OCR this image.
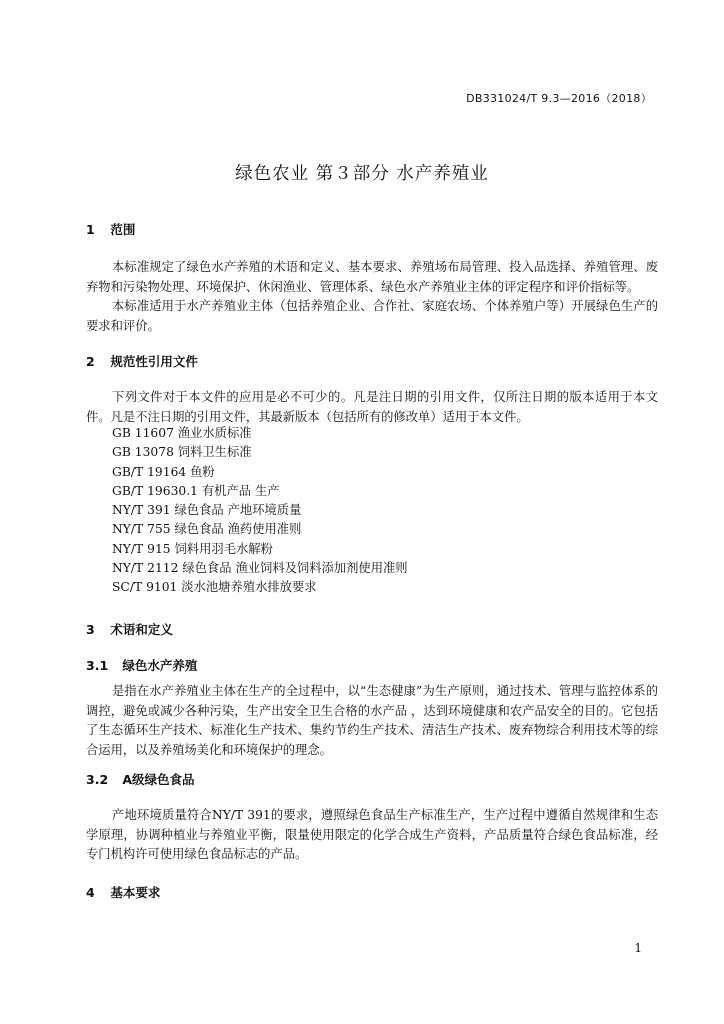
DB331024/T 9.3—2016（2018）
绿色农业 第３部分 水产养殖业
1 范围
本标准规定了绿色水产养殖的术语和定义、基本要求、养殖场布局管理、投入品选择、养殖管理、废弃物和污染物处理、环境保护、休闲渔业、管理体系、绿色水产养殖业主体的评定程序和评价指标等。
本标准适用于水产养殖业主体（包括养殖企业、合作社、家庭农场、个体养殖户等）开展绿色生产的要求和评价。
2 规范性引用文件
下列文件对于本文件的应用是必不可少的。凡是注日期的引用文件，仅所注日期的版本适用于本文件。凡是不注日期的引用文件，其最新版本（包括所有的修改单）适用于本文件。
GB 11607 渔业水质标准
GB 13078 饲料卫生标准
GB/T 19164 鱼粉
GB/T 19630.1 有机产品 生产
NY/T 391 绿色食品 产地环境质量
NY/T 755 绿色食品 渔药使用准则
NY/T 915 饲料用羽毛水解粉
NY/T 2112 绿色食品 渔业饲料及饲料添加剂使用准则
SC/T 9101 淡水池塘养殖水排放要求
3 术语和定义
3.1 绿色水产养殖
是指在水产养殖业主体在生产的全过程中，以“生态健康”为生产原则，通过技术、管理与监控体系的调控，避免或减少各种污染，生产出安全卫生合格的水产品 ，达到环境健康和农产品安全的目的。它包括了生态循环生产技术、标准化生产技术、集约节约生产技术、清洁生产技术、废弃物综合利用技术等的综合运用，以及养殖场美化和环境保护的理念。
3.2 A级绿色食品
产地环境质量符合NY/T 391的要求，遵照绿色食品生产标准生产，生产过程中遵循自然规律和生态学原理，协调种植业与养殖业平衡，限量使用限定的化学合成生产资料，产品质量符合绿色食品标准，经专门机构许可使用绿色食品标志的产品。
4 基本要求
1
